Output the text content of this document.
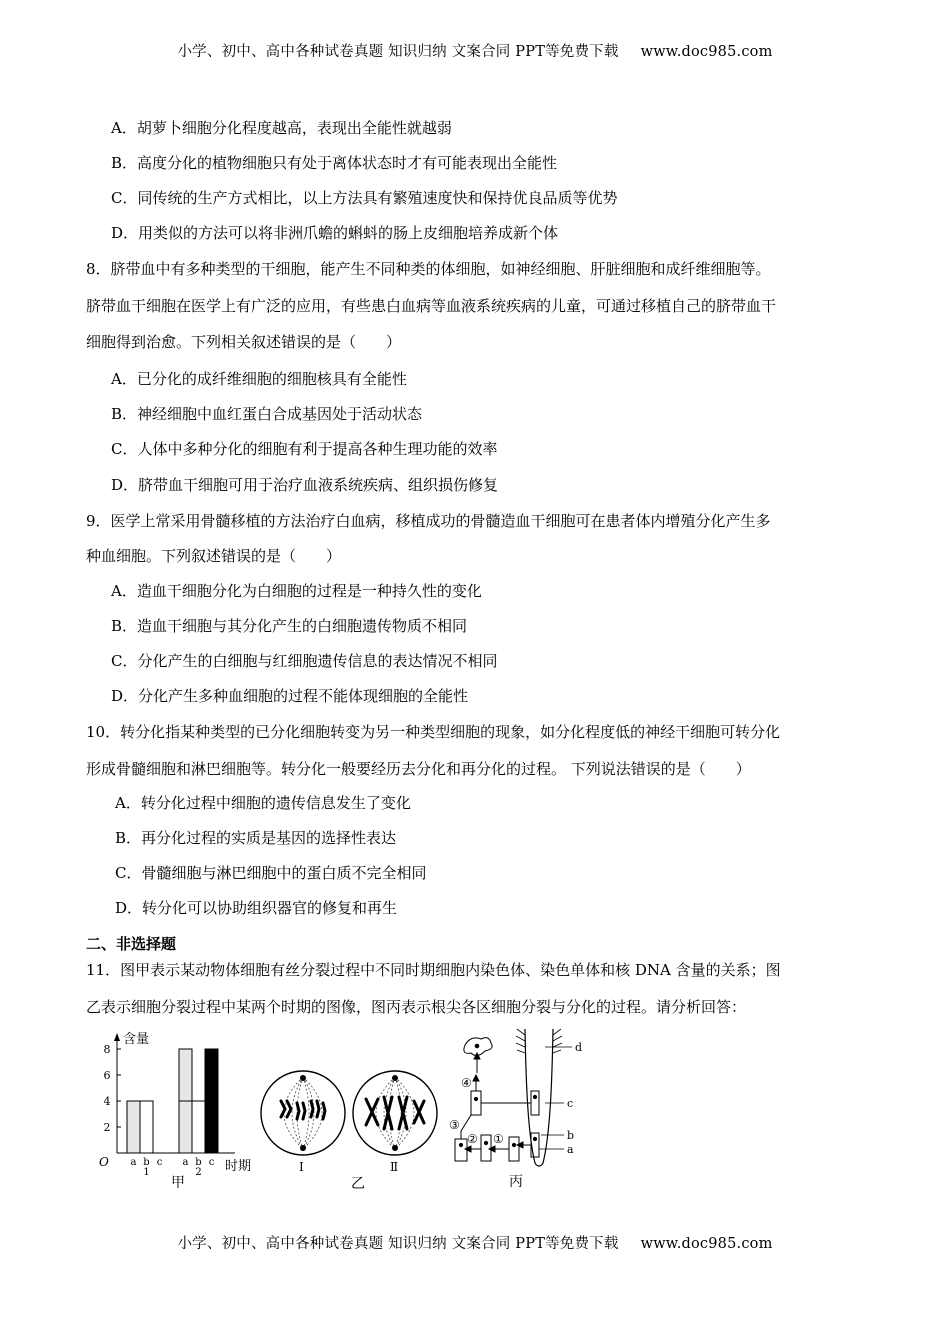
小学、初中、高中各种试卷真题 知识归纳 文案合同 PPT等免费下载 www.doc985.com
A．胡萝卜细胞分化程度越高，表现出全能性就越弱
B．高度分化的植物细胞只有处于离体状态时才有可能表现出全能性
C．同传统的生产方式相比，以上方法具有繁殖速度快和保持优良品质等优势
D．用类似的方法可以将非洲爪蟾的蝌蚪的肠上皮细胞培养成新个体
8．脐带血中有多种类型的干细胞，能产生不同种类的体细胞，如神经细胞、肝脏细胞和成纤维细胞等。
脐带血干细胞在医学上有广泛的应用，有些患白血病等血液系统疾病的儿童，可通过移植自己的脐带血干
细胞得到治愈。下列相关叙述错误的是（　　）
A．已分化的成纤维细胞的细胞核具有全能性
B．神经细胞中血红蛋白合成基因处于活动状态
C．人体中多种分化的细胞有利于提高各种生理功能的效率
D．脐带血干细胞可用于治疗血液系统疾病、组织损伤修复
9．医学上常采用骨髓移植的方法治疗白血病，移植成功的骨髓造血干细胞可在患者体内增殖分化产生多
种血细胞。下列叙述错误的是（　　）
A．造血干细胞分化为白细胞的过程是一种持久性的变化
B．造血干细胞与其分化产生的白细胞遗传物质不相同
C．分化产生的白细胞与红细胞遗传信息的表达情况不相同
D．分化产生多种血细胞的过程不能体现细胞的全能性
10．转分化指某种类型的已分化细胞转变为另一种类型细胞的现象，如分化程度低的神经干细胞可转分化
形成骨髓细胞和淋巴细胞等。转分化一般要经历去分化和再分化的过程。 下列说法错误的是（　　）
A．转分化过程中细胞的遗传信息发生了变化
B．再分化过程的实质是基因的选择性表达
C．骨髓细胞与淋巴细胞中的蛋白质不完全相同
D．转分化可以协助组织器官的修复和再生
二、非选择题
11．图甲表示某动物体细胞有丝分裂过程中不同时期细胞内染色体、染色单体和核 DNA 含量的关系；图
乙表示细胞分裂过程中某两个时期的图像，图丙表示根尖各区细胞分裂与分化的过程。请分析回答：
含量
O	时期
2
4
6
8
a b c
1
a b c
2
甲
Ⅰ	Ⅱ
乙
d
c
b
a
④
③
② ①
丙
小学、初中、高中各种试卷真题 知识归纳 文案合同 PPT等免费下载 www.doc985.com
